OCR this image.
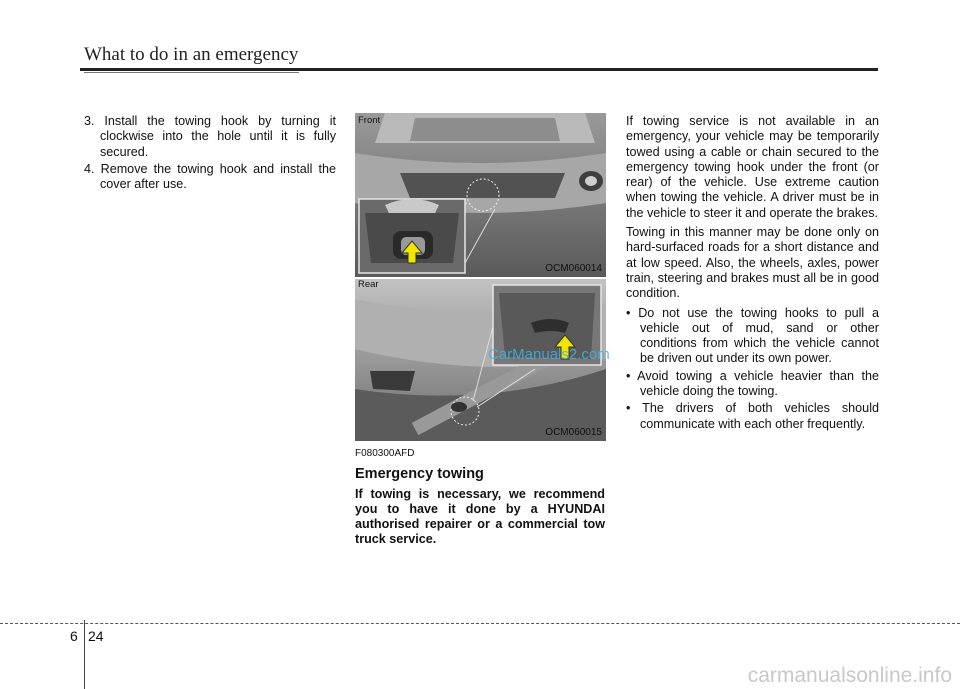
What to do in an emergency

3. Install the towing hook by turning it clockwise into the hole until it is fully secured.

4. Remove the towing hook and install the cover after use.

Front
OCM060014
Rear
OCM060015
CarManuals2.com
F080300AFD
Emergency towing
If towing is necessary, we recommend you to have it done by a HYUNDAI authorised repairer or a commercial tow truck service.

If towing service is not available in an emergency, your vehicle may be temporarily towed using a cable or chain secured to the emergency towing hook under the front (or rear) of the vehicle. Use extreme caution when towing the vehicle. A driver must be in the vehicle to steer it and operate the brakes.

Towing in this manner may be done only on hard-surfaced roads for a short distance and at low speed. Also, the wheels, axles, power train, steering and brakes must all be in good condition.

• Do not use the towing hooks to pull a vehicle out of mud, sand or other conditions from which the vehicle cannot be driven out under its own power.

• Avoid towing a vehicle heavier than the vehicle doing the towing.

• The drivers of both vehicles should communicate with each other frequently.

6 24
carmanualsonline.info
